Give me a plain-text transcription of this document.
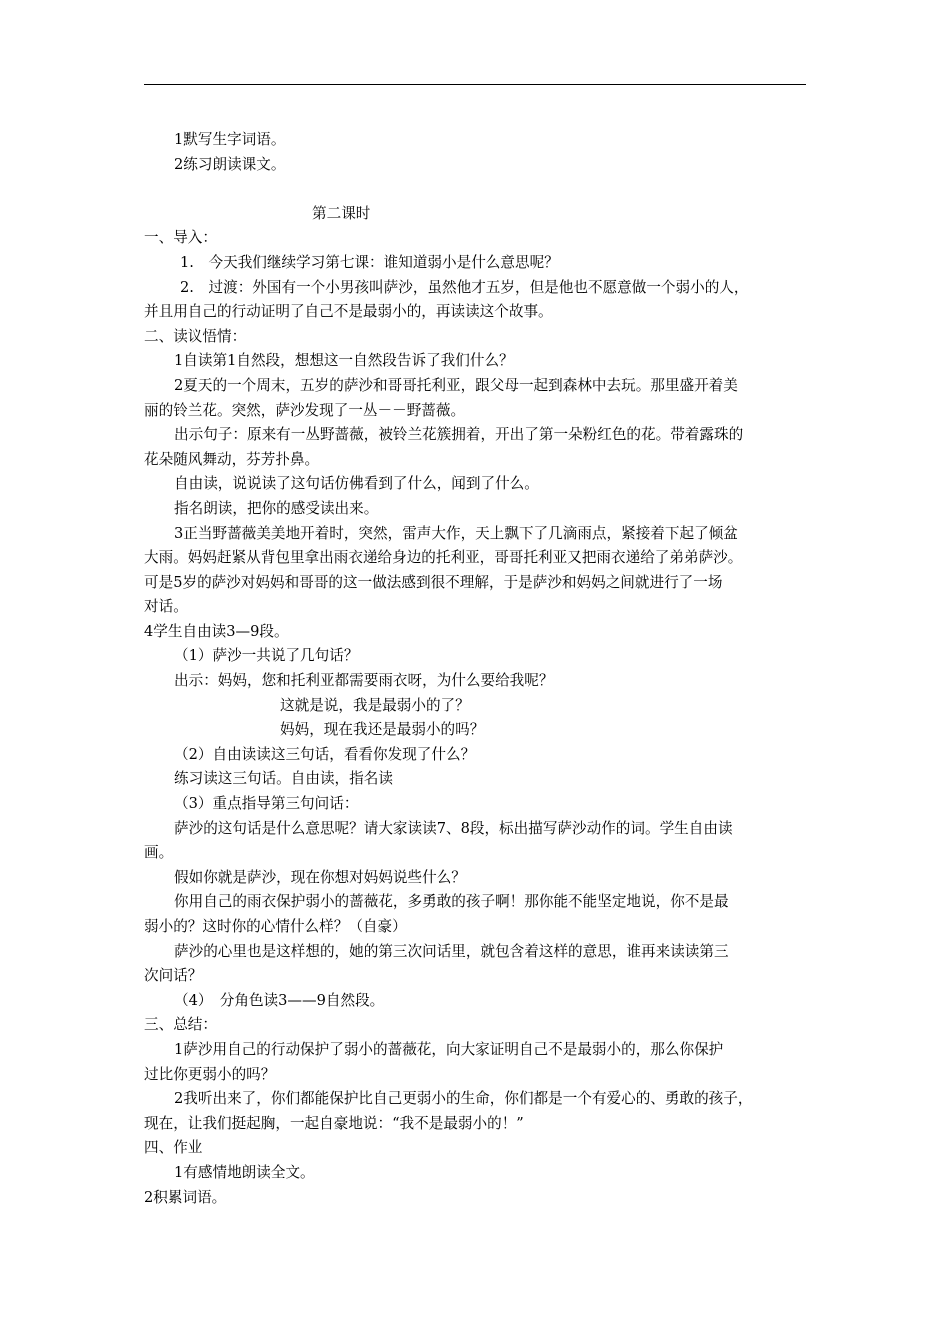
1默写生字词语。
2练习朗读课文。
第二课时
一、导入：
1.　今天我们继续学习第七课：谁知道弱小是什么意思呢？
2.　过渡：外国有一个小男孩叫萨沙，虽然他才五岁，但是他也不愿意做一个弱小的人，
并且用自己的行动证明了自己不是最弱小的，再读读这个故事。
二、读议悟情：
1自读第1自然段，想想这一自然段告诉了我们什么？
2夏天的一个周末，五岁的萨沙和哥哥托利亚，跟父母一起到森林中去玩。那里盛开着美
丽的铃兰花。突然，萨沙发现了一丛－－野蔷薇。
出示句子：原来有一丛野蔷薇，被铃兰花簇拥着，开出了第一朵粉红色的花。带着露珠的
花朵随风舞动，芬芳扑鼻。
自由读，说说读了这句话仿佛看到了什么，闻到了什么。
指名朗读，把你的感受读出来。
3正当野蔷薇美美地开着时，突然，雷声大作，天上飘下了几滴雨点，紧接着下起了倾盆
大雨。妈妈赶紧从背包里拿出雨衣递给身边的托利亚，哥哥托利亚又把雨衣递给了弟弟萨沙。
可是5岁的萨沙对妈妈和哥哥的这一做法感到很不理解，于是萨沙和妈妈之间就进行了一场
对话。
4学生自由读3—9段。
（1）萨沙一共说了几句话？
出示：妈妈，您和托利亚都需要雨衣呀，为什么要给我呢？
这就是说，我是最弱小的了？
妈妈，现在我还是最弱小的吗？
（2）自由读读这三句话，看看你发现了什么？
练习读这三句话。自由读，指名读
（3）重点指导第三句问话：
萨沙的这句话是什么意思呢？请大家读读7、8段，标出描写萨沙动作的词。学生自由读
画。
假如你就是萨沙，现在你想对妈妈说些什么？
你用自己的雨衣保护弱小的蔷薇花，多勇敢的孩子啊！那你能不能坚定地说，你不是最
弱小的？这时你的心情什么样？（自豪）
萨沙的心里也是这样想的，她的第三次问话里，就包含着这样的意思，谁再来读读第三
次问话？
（4）　分角色读3——9自然段。
三、总结：
1萨沙用自己的行动保护了弱小的蔷薇花，向大家证明自己不是最弱小的，那么你保护
过比你更弱小的吗？
2我听出来了，你们都能保护比自己更弱小的生命，你们都是一个有爱心的、勇敢的孩子，
现在，让我们挺起胸，一起自豪地说：“我不是最弱小的！”
四、作业
1有感情地朗读全文。
2积累词语。
